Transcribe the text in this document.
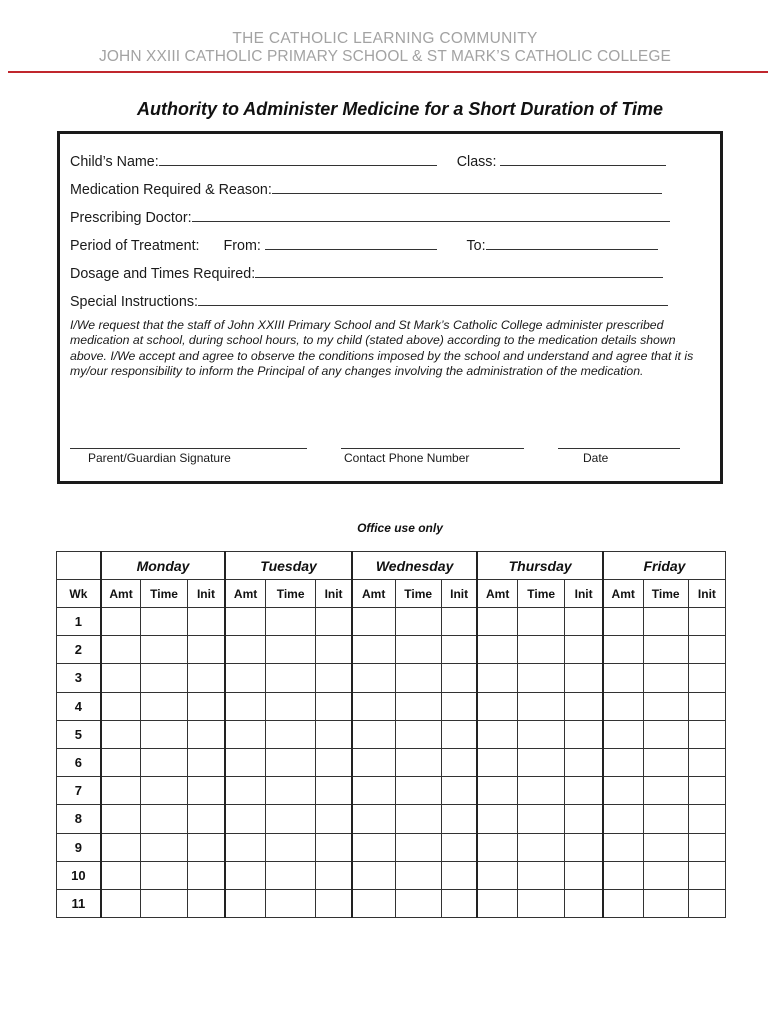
THE CATHOLIC LEARNING COMMUNITY
JOHN XXIII CATHOLIC PRIMARY SCHOOL & ST MARK’S CATHOLIC COLLEGE
Authority to Administer Medicine for a Short Duration of Time
Child’s Name:	Class:
Medication Required & Reason:
Prescribing Doctor:
Period of Treatment: From:	To:
Dosage and Times Required:
Special Instructions:
I/We request that the staff of John XXIII Primary School and St Mark’s Catholic College administer prescribed medication at school, during school hours, to my child (stated above) according to the medication details shown above. I/We accept and agree to observe the conditions imposed by the school and understand and agree that it is my/our responsibility to inform the Principal of any changes involving the administration of the medication.
Parent/Guardian Signature	Contact Phone Number	Date
Office use only
	Monday			Tuesday			Wednesday			Thursday			Friday		
Wk	Amt	Time	Init	Amt	Time	Init	Amt	Time	Init	Amt	Time	Init	Amt	Time	Init
1															
2															
3															
4															
5															
6															
7															
8															
9															
10															
11															
